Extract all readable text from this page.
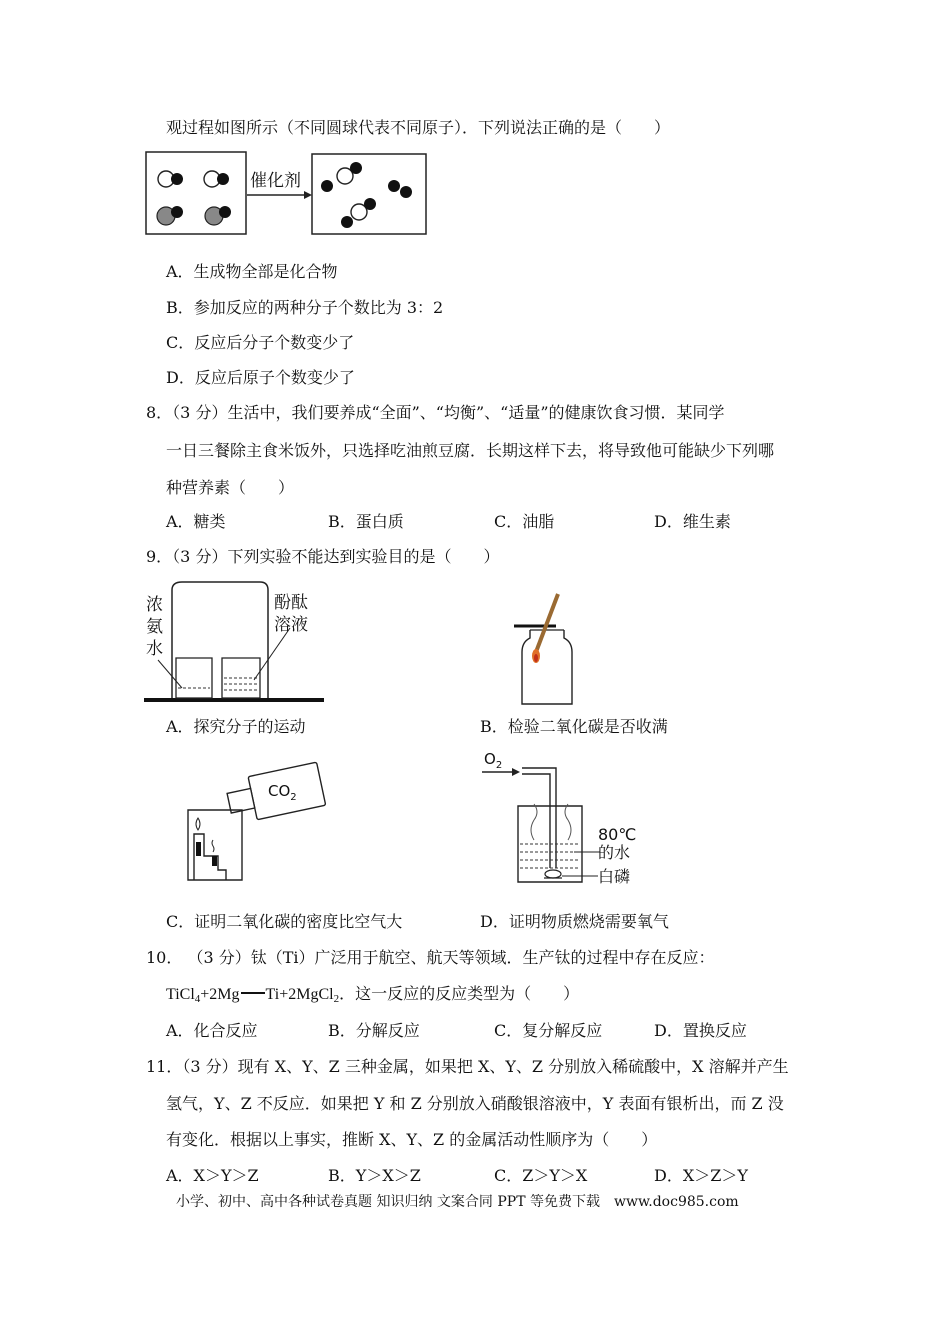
观过程如图所示（不同圆球代表不同原子）．下列说法正确的是（　　）
催化剂
A．生成物全部是化合物
B．参加反应的两种分子个数比为 3：2
C．反应后分子个数变少了
D．反应后原子个数变少了
8．（3 分）生活中，我们要养成“全面”、“均衡”、“适量”的健康饮食习惯．某同学
一日三餐除主食米饭外，只选择吃油煎豆腐．长期这样下去，将导致他可能缺少下列哪
种营养素（　　）
A．糖类	B．蛋白质	C．油脂	D．维生素
9．（3 分）下列实验不能达到实验目的是（　　）
浓
氨
水
酚酞
溶液
A．探究分子的运动	B．检验二氧化碳是否收满
$CO_2$
$O_2$
80℃
的水
白磷
C．证明二氧化碳的密度比空气大	D．证明物质燃烧需要氧气
10． （3 分）钛（Ti）广泛用于航空、航天等领域．生产钛的过程中存在反应：
TiCl$_4$+2Mg Ti+2MgCl$_2$．这一反应的反应类型为（　　）
A．化合反应	B．分解反应	C．复分解反应	D．置换反应
11．（3 分）现有 X、Y、Z 三种金属，如果把 X、Y、Z 分别放入稀硫酸中，X 溶解并产生
氢气，Y、Z 不反应．如果把 Y 和 Z 分别放入硝酸银溶液中，Y 表面有银析出，而 Z 没
有变化．根据以上事实，推断 X、Y、Z 的金属活动性顺序为（　　）
A．X＞Y＞Z	B．Y＞X＞Z	C．Z＞Y＞X	D．X＞Z＞Y
小学、初中、高中各种试卷真题 知识归纳 文案合同 PPT 等免费下载　www.doc985.com
